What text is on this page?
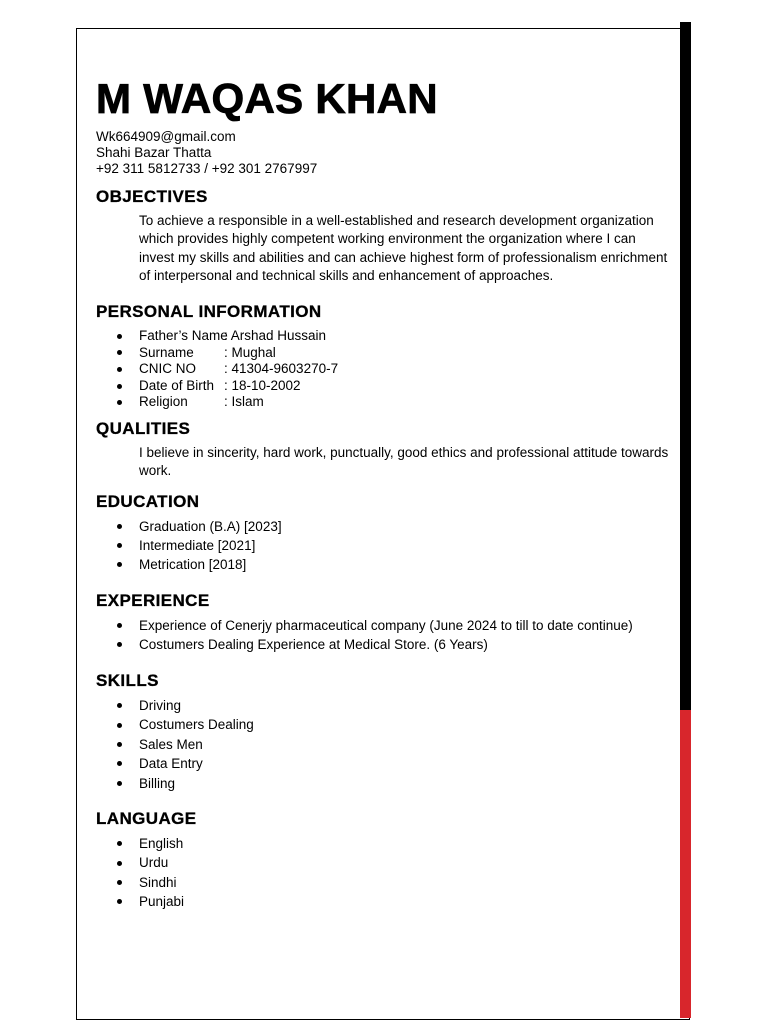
M WAQAS KHAN
Wk664909@gmail.com
Shahi Bazar Thatta
+92 311 5812733 / +92 301 2767997
OBJECTIVES

To achieve a responsible in a well-established and research development organization which provides highly competent working environment the organization where I can invest my skills and abilities and can achieve highest form of professionalism enrichment of interpersonal and technical skills and enhancement of approaches.

PERSONAL INFORMATION
Father’s Name: Arshad Hussain
Surname : Mughal
CNIC NO : 41304-9603270-7
Date of Birth : 18-10-2002
Religion	: Islam
QUALITIES

I believe in sincerity, hard work, punctually, good ethics and professional attitude towards work.

EDUCATION
Graduation (B.A) [2023]
Intermediate [2021]
Metrication [2018]
EXPERIENCE
Experience of Cenerjy pharmaceutical company (June 2024 to till to date continue)
Costumers Dealing Experience at Medical Store. (6 Years)
SKILLS
Driving
Costumers Dealing
Sales Men
Data Entry
Billing
LANGUAGE
English
Urdu
Sindhi
Punjabi
